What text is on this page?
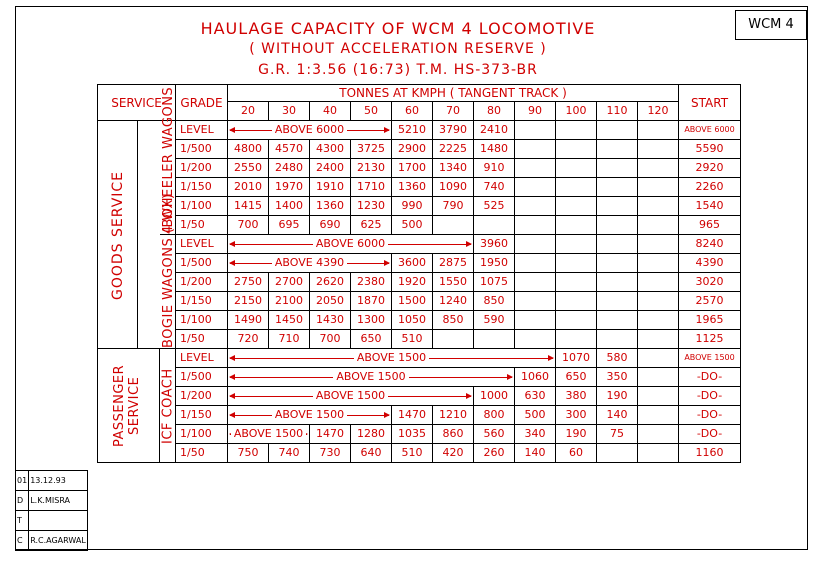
WCM 4
HAULAGE CAPACITY OF WCM 4 LOCOMOTIVE
( WITHOUT ACCELERATION RESERVE )
G.R. 1:3.56 (16:73) T.M. HS-373-BR
SERVICE			GRADE	TONNES AT KMPH ( TANGENT TRACK )											START
				20	30	40	50	60	70	80	90	100	110	120	
GOODS SERVICE		4 WHEELER WAGONS	LEVEL	ABOVE 6000				5210	3790	2410					ABOVE 6000

			1/500	4800	4570	4300	3725	2900	2225	1480					5590
			1/200	2550	2480	2400	2130	1700	1340	910					2920
			1/150	2010	1970	1910	1710	1360	1090	740					2260
			1/100	1415	1400	1360	1230	990	790	525					1540
			1/50	700	695	690	625	500							965
		BOGIE WAGONS (BOX)	LEVEL	ABOVE 6000						3960					8240
			1/500	ABOVE 4390				3600	2875	1950					4390
			1/200	2750	2700	2620	2380	1920	1550	1075					3020
			1/150	2150	2100	2050	1870	1500	1240	850					2570
			1/100	1490	1450	1430	1300	1050	850	590					1965
			1/50	720	710	700	650	510							1125
PASSENGER SERVICE		ICF COACH	LEVEL	ABOVE 1500								1070	580		ABOVE 1500

			1/500	ABOVE 1500							1060	650	350		-DO-
			1/200	ABOVE 1500						1000	630	380	190		-DO-
			1/150	ABOVE 1500				1470	1210	800	500	300	140		-DO-
			1/100	ABOVE 1500		1470	1280	1035	860	560	340	190	75		-DO-
			1/50	750	740	730	640	510	420	260	140	60			1160
01	13.12.93
D	L.K.MISRA
T	
C	R.C.AGARWAL
